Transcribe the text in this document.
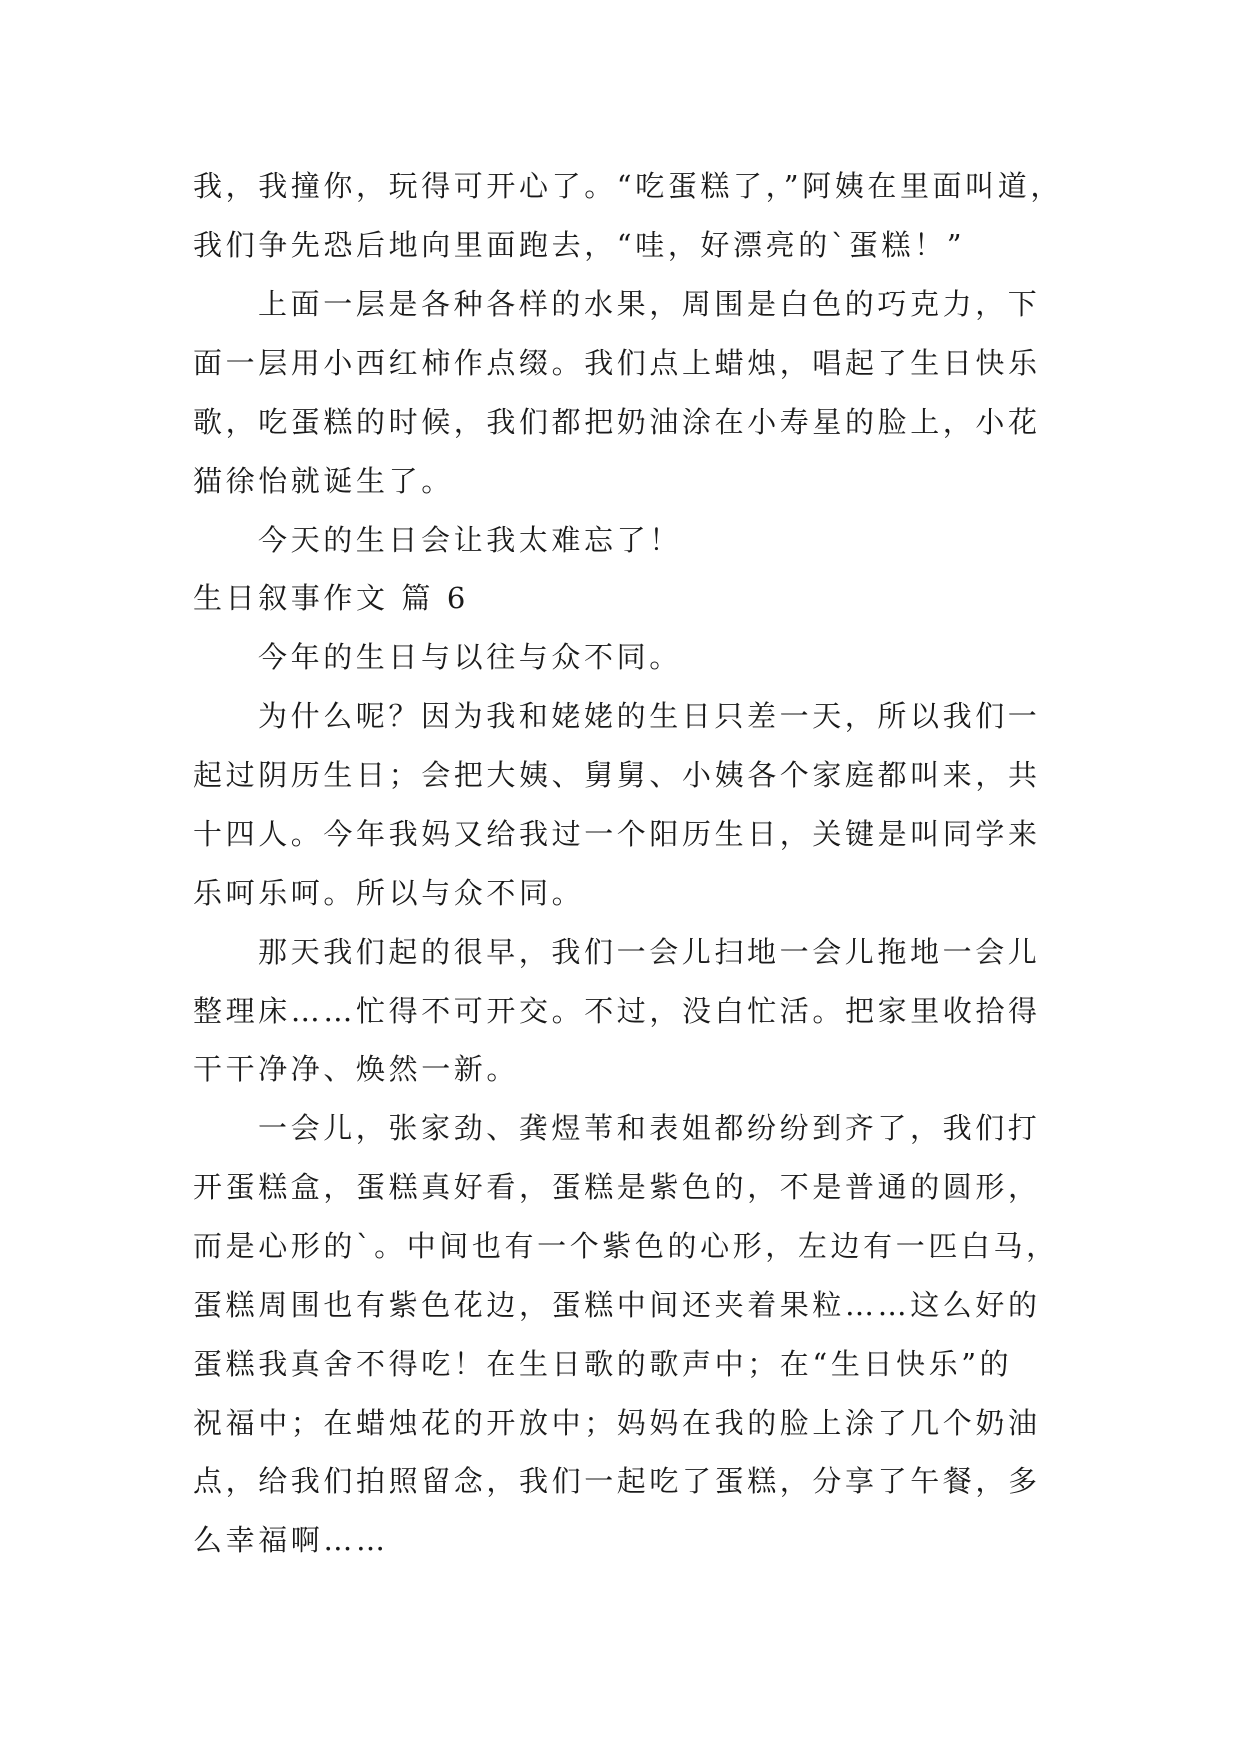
我，我撞你，玩得可开心了。“吃蛋糕了，”阿姨在里面叫道，
我们争先恐后地向里面跑去，“哇，好漂亮的`蛋糕！”
上面一层是各种各样的水果，周围是白色的巧克力，下
面一层用小西红柿作点缀。我们点上蜡烛，唱起了生日快乐
歌，吃蛋糕的时候，我们都把奶油涂在小寿星的脸上，小花
猫徐怡就诞生了。
今天的生日会让我太难忘了！
生日叙事作文 篇 6
今年的生日与以往与众不同。
为什么呢？因为我和姥姥的生日只差一天，所以我们一
起过阴历生日；会把大姨、舅舅、小姨各个家庭都叫来，共
十四人。今年我妈又给我过一个阳历生日，关键是叫同学来
乐呵乐呵。所以与众不同。
那天我们起的很早，我们一会儿扫地一会儿拖地一会儿
整理床……忙得不可开交。不过，没白忙活。把家里收拾得
干干净净、焕然一新。
一会儿，张家劲、龚煜苇和表姐都纷纷到齐了，我们打
开蛋糕盒，蛋糕真好看，蛋糕是紫色的，不是普通的圆形，
而是心形的`。中间也有一个紫色的心形，左边有一匹白马，
蛋糕周围也有紫色花边，蛋糕中间还夹着果粒……这么好的
蛋糕我真舍不得吃！在生日歌的歌声中；在“生日快乐”的
祝福中；在蜡烛花的开放中；妈妈在我的脸上涂了几个奶油
点，给我们拍照留念，我们一起吃了蛋糕，分享了午餐，多
么幸福啊……
